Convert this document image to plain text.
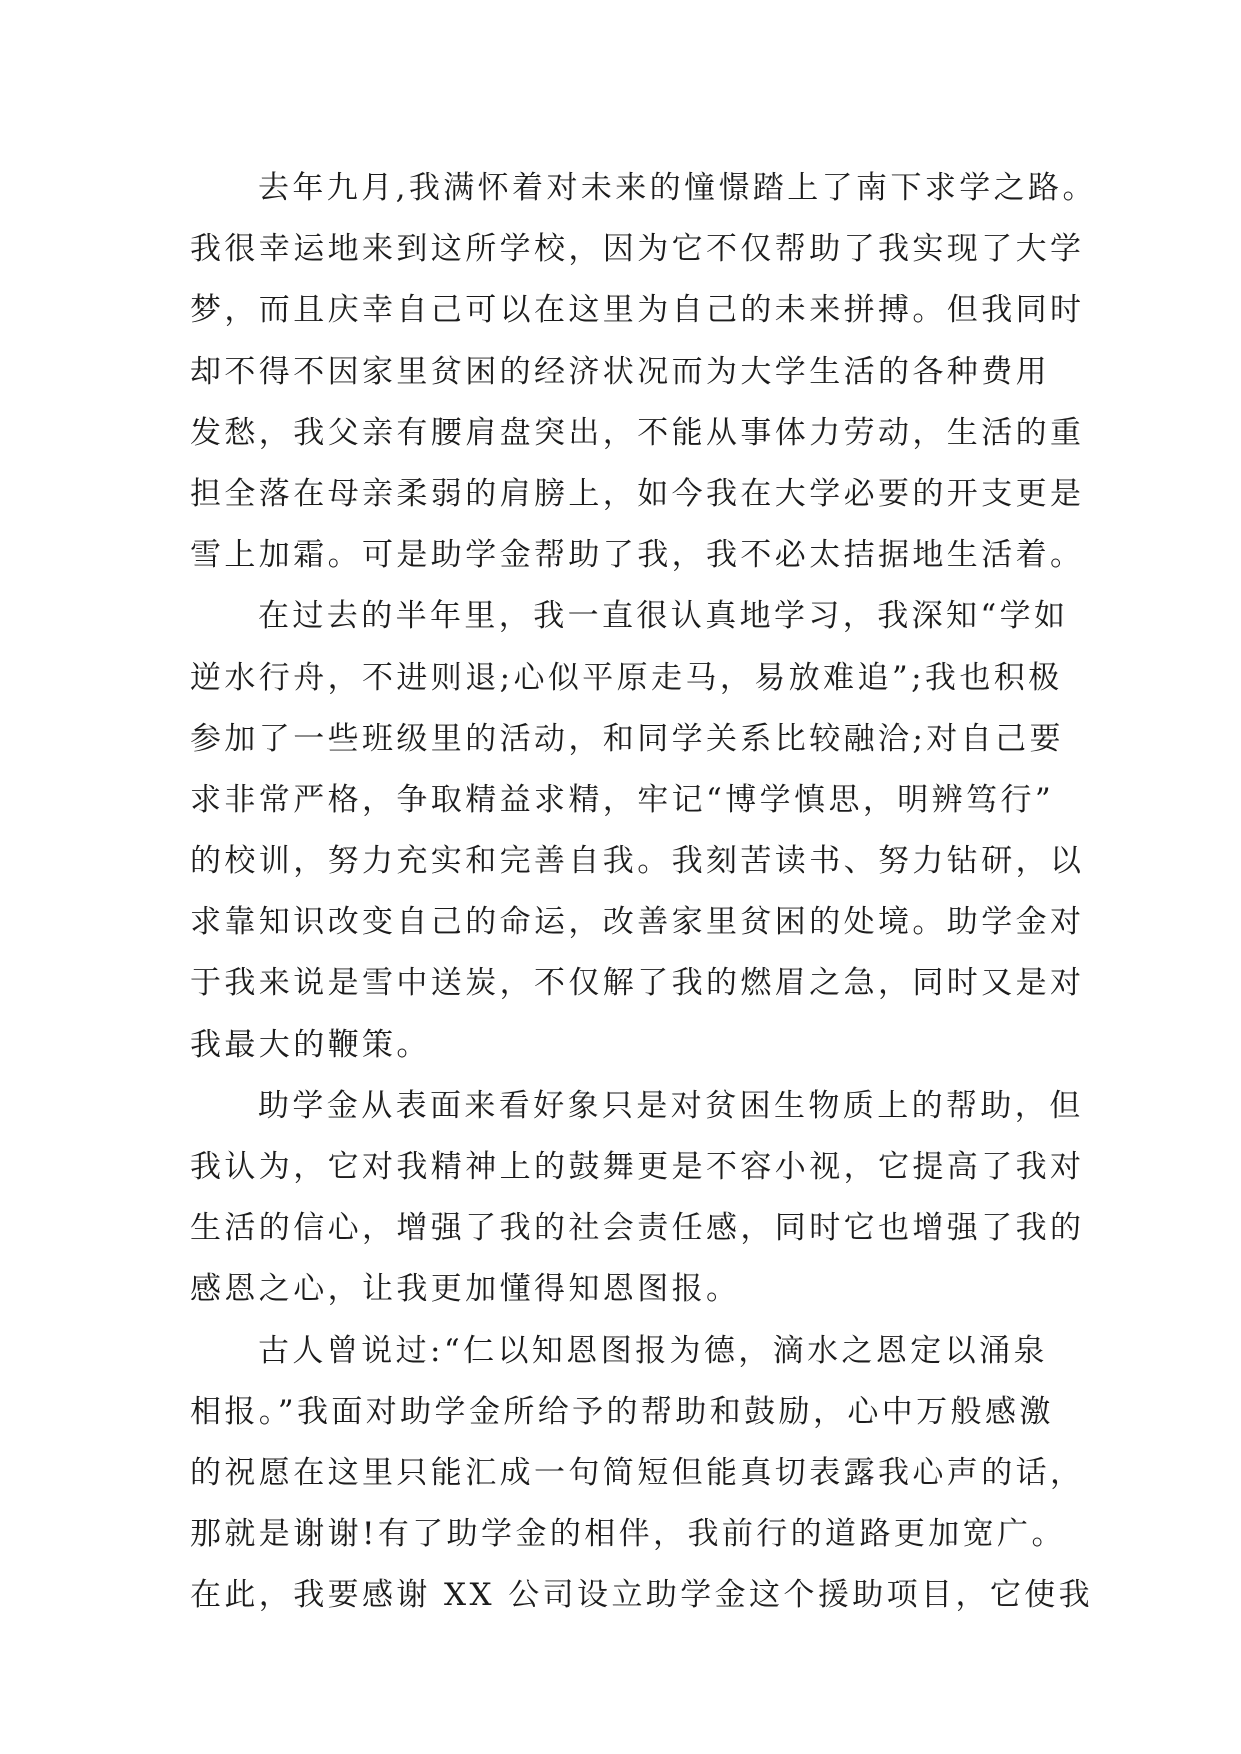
去年九月,我满怀着对未来的憧憬踏上了南下求学之路。
我很幸运地来到这所学校，因为它不仅帮助了我实现了大学
梦，而且庆幸自己可以在这里为自己的未来拼搏。但我同时
却不得不因家里贫困的经济状况而为大学生活的各种费用
发愁，我父亲有腰肩盘突出，不能从事体力劳动，生活的重
担全落在母亲柔弱的肩膀上，如今我在大学必要的开支更是
雪上加霜。可是助学金帮助了我，我不必太拮据地生活着。
在过去的半年里，我一直很认真地学习，我深知“学如
逆水行舟，不进则退;心似平原走马，易放难追”;我也积极
参加了一些班级里的活动，和同学关系比较融洽;对自己要
求非常严格，争取精益求精，牢记“博学慎思，明辨笃行”
的校训，努力充实和完善自我。我刻苦读书、努力钻研，以
求靠知识改变自己的命运，改善家里贫困的处境。助学金对
于我来说是雪中送炭，不仅解了我的燃眉之急，同时又是对
我最大的鞭策。
助学金从表面来看好象只是对贫困生物质上的帮助，但
我认为，它对我精神上的鼓舞更是不容小视，它提高了我对
生活的信心，增强了我的社会责任感，同时它也增强了我的
感恩之心，让我更加懂得知恩图报。
古人曾说过:“仁以知恩图报为德，滴水之恩定以涌泉
相报。”我面对助学金所给予的帮助和鼓励，心中万般感激
的祝愿在这里只能汇成一句简短但能真切表露我心声的话，
那就是谢谢!有了助学金的相伴，我前行的道路更加宽广。
在此，我要感谢 XX 公司设立助学金这个援助项目，它使我
